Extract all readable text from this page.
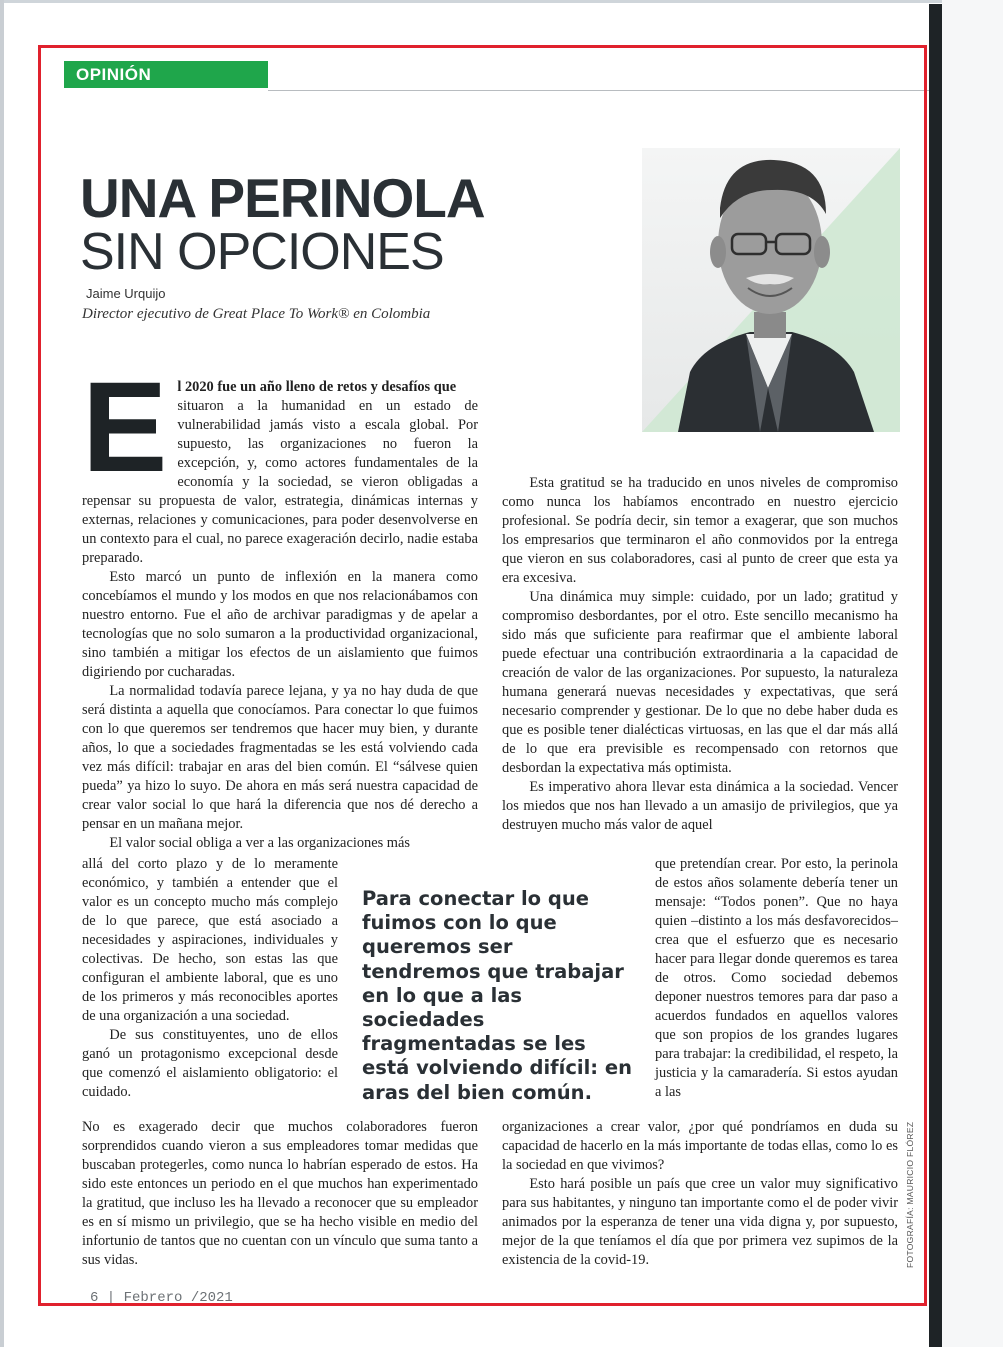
OPINIÓN
UNA PERINOLA
SIN OPCIONES
Jaime Urquijo
Director ejecutivo de Great Place To Work® en Colombia
E l 2020 fue un año lleno de retos y desafíos que

situaron a la humanidad en un estado de vulnerabilidad jamás visto a escala global. Por supuesto, las organizaciones no fueron la excepción, y, como actores fundamentales de la economía y la sociedad, se vieron obligadas a repensar su propuesta de valor, estrategia, dinámicas internas y externas, relaciones y comunicaciones, para poder desenvolverse en un contexto para el cual, no parece exageración decirlo, nadie estaba preparado.

Esto marcó un punto de inflexión en la manera como concebíamos el mundo y los modos en que nos relacionábamos con nuestro entorno. Fue el año de archivar paradigmas y de apelar a tecnologías que no solo sumaron a la productividad organizacional, sino también a mitigar los efectos de un aislamiento que fuimos digiriendo por cucharadas.

La normalidad todavía parece lejana, y ya no hay duda de que será distinta a aquella que conocíamos. Para conectar lo que fuimos con lo que queremos ser tendremos que hacer muy bien, y durante años, lo que a sociedades fragmentadas se les está volviendo cada vez más difícil: trabajar en aras del bien común. El “sálvese quien pueda” ya hizo lo suyo. De ahora en más será nuestra capacidad de crear valor social lo que hará la diferencia que nos dé derecho a pensar en un mañana mejor.

El valor social obliga a ver a las organizaciones más

allá del corto plazo y de lo meramente económico, y también a entender que el valor es un concepto mucho más complejo de lo que parece, que está asociado a necesidades y aspiraciones, individuales y colectivas. De hecho, son estas las que configuran el ambiente laboral, que es uno de los primeros y más reconocibles aportes de una organización a una sociedad.

De sus constituyentes, uno de ellos ganó un protagonismo excepcional desde que comenzó el aislamiento obligatorio: el cuidado.

No es exagerado decir que muchos colaboradores fueron sorprendidos cuando vieron a sus empleadores tomar medidas que buscaban protegerles, como nunca lo habrían esperado de estos. Ha sido este entonces un periodo en el que muchos han experimentado la gratitud, que incluso les ha llevado a reconocer que su empleador es en sí mismo un privilegio, que se ha hecho visible en medio del infortunio de tantos que no cuentan con un vínculo que suma tanto a sus vidas.

Esta gratitud se ha traducido en unos niveles de compromiso como nunca los habíamos encontrado en nuestro ejercicio profesional. Se podría decir, sin temor a exagerar, que son muchos los empresarios que terminaron el año conmovidos por la entrega que vieron en sus colaboradores, casi al punto de creer que esta ya era excesiva.

Una dinámica muy simple: cuidado, por un lado; gratitud y compromiso desbordantes, por el otro. Este sencillo mecanismo ha sido más que suficiente para reafirmar que el ambiente laboral puede efectuar una contribución extraordinaria a la capacidad de creación de valor de las organizaciones. Por supuesto, la naturaleza humana generará nuevas necesidades y expectativas, que será necesario comprender y gestionar. De lo que no debe haber duda es que es posible tener dialécticas virtuosas, en las que el dar más allá de lo que era previsible es recompensado con retornos que desbordan la expectativa más optimista.

Es imperativo ahora llevar esta dinámica a la sociedad. Vencer los miedos que nos han llevado a un amasijo de privilegios, que ya destruyen mucho más valor de aquel

que pretendían crear. Por esto, la perinola de estos años solamente debería tener un mensaje: “Todos ponen”. Que no haya quien –distinto a los más desfavorecidos– crea que el esfuerzo que es necesario hacer para llegar donde queremos es tarea de otros. Como sociedad debemos deponer nuestros temores para dar paso a acuerdos fundados en aquellos valores que son propios de los grandes lugares para trabajar: la credibilidad, el respeto, la justicia y la camaradería. Si estos ayudan a las

organizaciones a crear valor, ¿por qué pondríamos en duda su capacidad de hacerlo en la más importante de todas ellas, como lo es la sociedad en que vivimos?

Esto hará posible un país que cree un valor muy significativo para sus habitantes, y ninguno tan importante como el de poder vivir animados por la esperanza de tener una vida digna y, por supuesto, mejor de la que teníamos el día que por primera vez supimos de la existencia de la covid-19.

Para conectar lo que fuimos con lo que queremos ser tendremos que trabajar en lo que a las sociedades fragmentadas se les está volviendo difícil: en aras del bien común.
FOTOGRAFÍA: MAURICIO FLÓREZ
6 | Febrero /2021
